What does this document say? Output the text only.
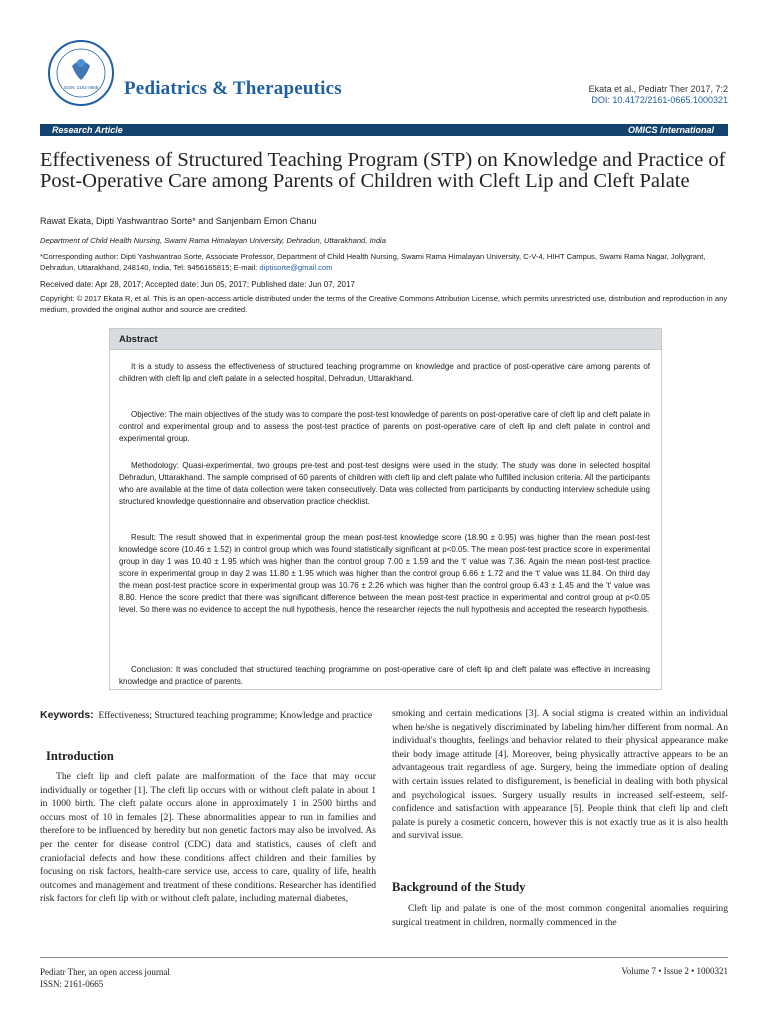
ISSN: 2161-0665	Pediatrics & Therapeutics	Ekata et al., Pediatr Ther 2017, 7:2
DOI: 10.4172/2161-0665.1000321
Research Article	OMICS International
Effectiveness of Structured Teaching Program (STP) on Knowledge and Practice of Post-Operative Care among Parents of Children with Cleft Lip and Cleft Palate
Rawat Ekata, Dipti Yashwantrao Sorte* and Sanjenbam Emon Chanu
Department of Child Health Nursing, Swami Rama Himalayan University, Dehradun, Uttarakhand, India
*Corresponding author: Dipti Yashwantrao Sorte, Associate Professor, Department of Child Health Nursing, Swami Rama Himalayan University, C-V-4, HIHT Campus, Swami Rama Nagar, Jollygrant, Dehradun, Uttarakhand, 248140, India, Tel: 9456165815; E-mail: diptisorte@gmail.com
Received date: Apr 28, 2017; Accepted date: Jun 05, 2017; Published date: Jun 07, 2017
Copyright: © 2017 Ekata R, et al. This is an open-access article distributed under the terms of the Creative Commons Attribution License, which permits unrestricted use, distribution and reproduction in any medium, provided the original author and source are credited.
Abstract
It is a study to assess the effectiveness of structured teaching programme on knowledge and practice of post-operative care among parents of children with cleft lip and cleft palate in a selected hospital, Dehradun, Uttarakhand.
Objective: The main objectives of the study was to compare the post-test knowledge of parents on post-operative care of cleft lip and cleft palate in control and experimental group and to assess the post-test practice of parents on post-operative care of cleft lip and cleft palate in control and experimental group.
Methodology: Quasi-experimental, two groups pre-test and post-test designs were used in the study. The study was done in selected hospital Dehradun, Uttarakhand. The sample comprised of 60 parents of children with cleft lip and cleft palate who fulfilled inclusion criteria. All the participants who are available at the time of data collection were taken consecutively. Data was collected from participants by conducting interview schedule using structured knowledge questionnaire and observation practice checklist.
Result: The result showed that in experimental group the mean post-test knowledge score (18.90 ± 0.95) was higher than the mean post-test knowledge score (10.46 ± 1.52) in control group which was found statistically significant at p<0.05. The mean post-test practice score in experimental group in day 1 was 10.40 ± 1.95 which was higher than the control group 7.00 ± 1.59 and the 't' value was 7.36. Again the mean post-test practice score in experimental group in day 2 was 11.80 ± 1.95 which was higher than the control group 6.66 ± 1.72 and the 't' value was 11.84. On third day the mean post-test practice score in experimental group was 10.76 ± 2.26 which was higher than the control group 6.43 ± 1.45 and the 't' value was 8.80. Hence the score predict that there was significant difference between the mean post-test practice in experimental and control group at p<0.05 level. So there was no evidence to accept the null hypothesis, hence the researcher rejects the null hypothesis and accepted the research hypothesis.
Conclusion: It was concluded that structured teaching programme on post-operative care of cleft lip and cleft palate was effective in increasing knowledge and practice of parents.
Keywords: Effectiveness; Structured teaching programme; Knowledge and practice
Introduction
The cleft lip and cleft palate are malformation of the face that may occur individually or together [1]. The cleft lip occurs with or without cleft palate in about 1 in 1000 birth. The cleft palate occurs alone in approximately 1 in 2500 births and occurs most of 10 in females [2]. These abnormalities appear to run in families and therefore to be influenced by heredity but non genetic factors may also be involved. As per the center for disease control (CDC) data and statistics, causes of cleft and craniofacial defects and how these conditions affect children and their families by focusing on risk factors, health-care service use, access to care, quality of life, health outcomes and management and treatment of these conditions. Researcher has identified risk factors for cleft lip with or without cleft palate, including maternal diabetes,
smoking and certain medications [3]. A social stigma is created within an individual when he/she is negatively discriminated by labeling him/her different from normal. An individual's thoughts, feelings and behavior related to their physical appearance make their body image attitude [4]. Moreover, being physically attractive appears to be an advantageous trait regardless of age. Surgery, being the immediate option of dealing with certain issues related to disfigurement, is beneficial in dealing with both physical and psychological issues. Surgery usually results in increased self-esteem, self-confidence and satisfaction with appearance [5]. People think that cleft lip and cleft palate is purely a cosmetic concern, however this is not exactly true as it is also health and survival issue.
Background of the Study
Cleft lip and palate is one of the most common congenital anomalies requiring surgical treatment in children, normally commenced in the
Pediatr Ther, an open access journal
ISSN: 2161-0665
Volume 7 • Issue 2 • 1000321
